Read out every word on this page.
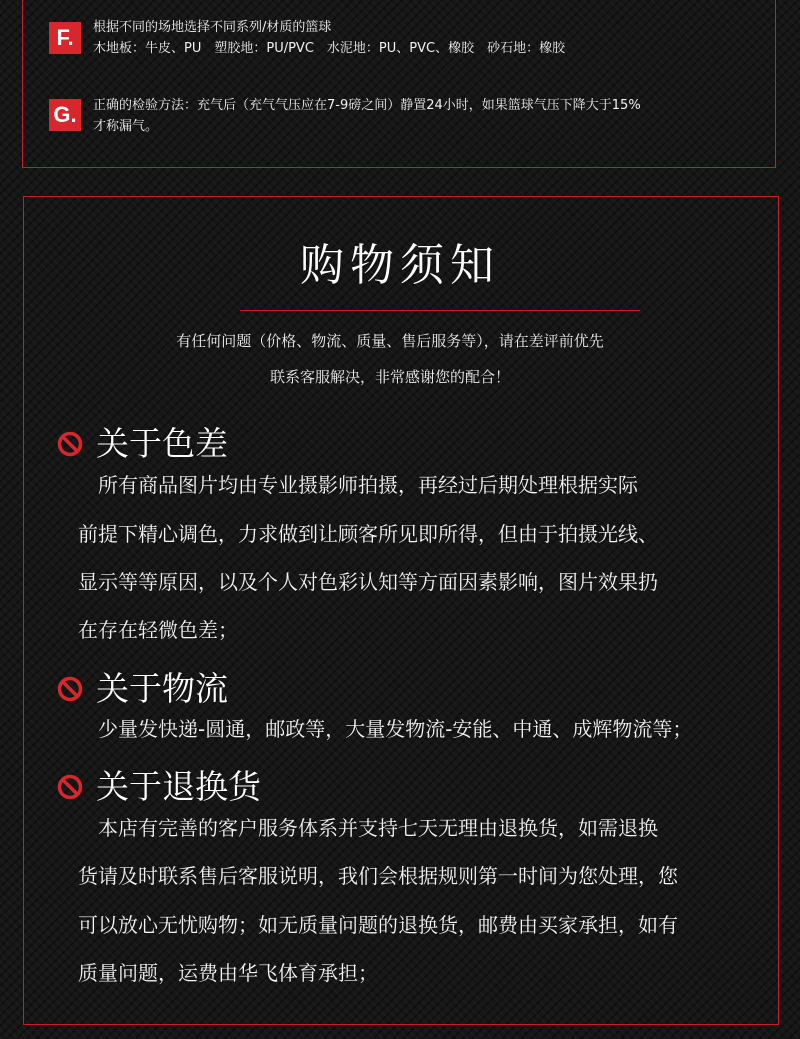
F.	根据不同的场地选择不同系列/材质的篮球
木地板：牛皮、PU　塑胶地：PU/PVC　水泥地：PU、PVC、橡胶　砂石地：橡胶
G.	正确的检验方法：充气后（充气气压应在7-9磅之间）静置24小时，如果篮球气压下降大于15%
才称漏气。
购物须知
有任何问题（价格、物流、质量、售后服务等），请在差评前优先
联系客服解决，非常感谢您的配合！
关于色差
　所有商品图片均由专业摄影师拍摄，再经过后期处理根据实际
前提下精心调色，力求做到让顾客所见即所得，但由于拍摄光线、
显示等等原因，以及个人对色彩认知等方面因素影响，图片效果扔
在存在轻微色差；
关于物流
　少量发快递-圆通，邮政等，大量发物流-安能、中通、成辉物流等；
关于退换货
　本店有完善的客户服务体系并支持七天无理由退换货，如需退换
货请及时联系售后客服说明，我们会根据规则第一时间为您处理，您
可以放心无忧购物；如无质量问题的退换货，邮费由买家承担，如有
质量问题，运费由华飞体育承担；
